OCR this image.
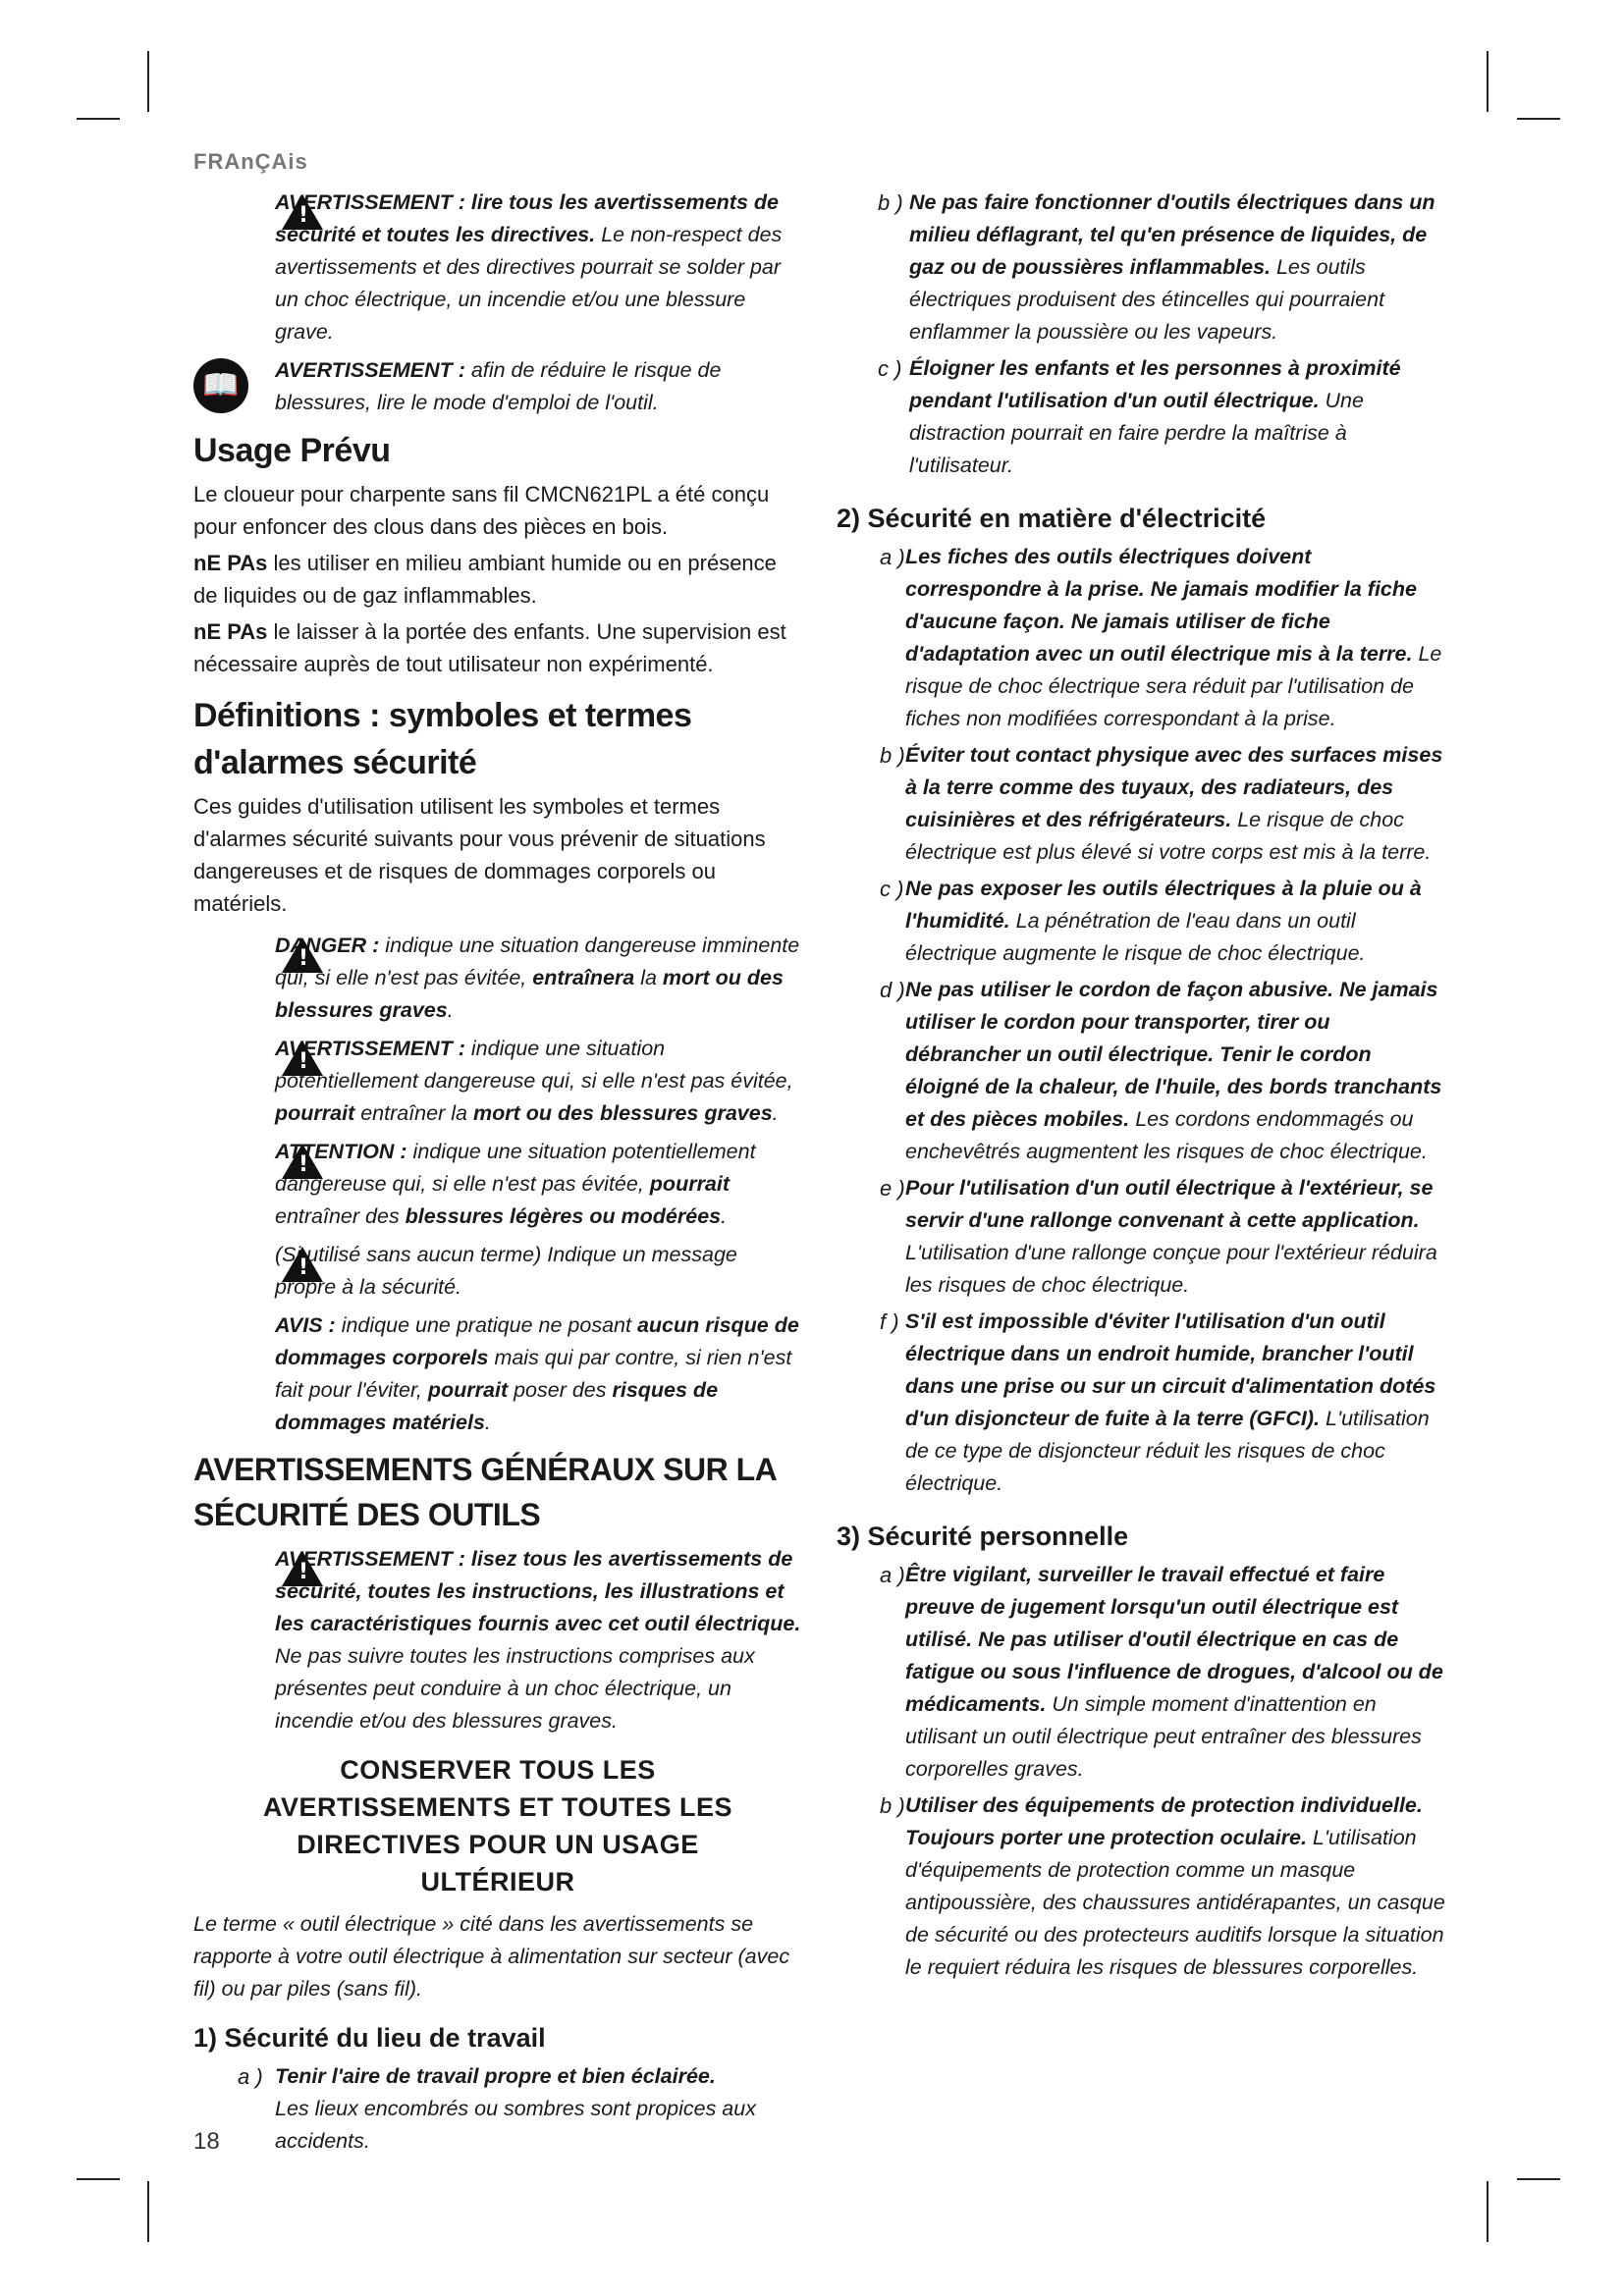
FRAnÇAis
!

AVERTISSEMENT : lire tous les avertissements de sécurité et toutes les directives. Le non-respect des avertissements et des directives pourrait se solder par un choc électrique, un incendie et/ou une blessure grave.

📖	AVERTISSEMENT : afin de réduire le risque de blessures, lire le mode d'emploi de l'outil.

Usage Prévu

Le cloueur pour charpente sans fil CMCN621PL a été conçu pour enfoncer des clous dans des pièces en bois.

nE PAs les utiliser en milieu ambiant humide ou en présence de liquides ou de gaz inflammables.

nE PAs le laisser à la portée des enfants. Une supervision est nécessaire auprès de tout utilisateur non expérimenté.

Définitions : symboles et termes d'alarmes sécurité

Ces guides d'utilisation utilisent les symboles et termes d'alarmes sécurité suivants pour vous prévenir de situations dangereuses et de risques de dommages corporels ou matériels.

!

DANGER : indique une situation dangereuse imminente qui, si elle n'est pas évitée, entraînera la mort ou des blessures graves.

!

AVERTISSEMENT : indique une situation potentiellement dangereuse qui, si elle n'est pas évitée, pourrait entraîner la mort ou des blessures graves.

!

ATTENTION : indique une situation potentiellement dangereuse qui, si elle n'est pas évitée, pourrait entraîner des blessures légères ou modérées.

!

(Si utilisé sans aucun terme) Indique un message propre à la sécurité.

AVIS : indique une pratique ne posant aucun risque de dommages corporels mais qui par contre, si rien n'est fait pour l'éviter, pourrait poser des risques de dommages matériels.

AVERTISSEMENTS GÉNÉRAUX SUR LA SÉCURITÉ DES OUTILS
!

AVERTISSEMENT : lisez tous les avertissements de sécurité, toutes les instructions, les illustrations et les caractéristiques fournis avec cet outil électrique. Ne pas suivre toutes les instructions comprises aux présentes peut conduire à un choc électrique, un incendie et/ou des blessures graves.

CONSERVER TOUS LES AVERTISSEMENTS ET TOUTES LES DIRECTIVES POUR UN USAGE ULTÉRIEUR

Le terme « outil électrique » cité dans les avertissements se rapporte à votre outil électrique à alimentation sur secteur (avec fil) ou par piles (sans fil).

1) Sécurité du lieu de travail
a ) Tenir l'aire de travail propre et bien éclairée.

Les lieux encombrés ou sombres sont propices aux accidents.

b ) Ne pas faire fonctionner d'outils électriques dans un milieu déflagrant, tel qu'en présence de liquides, de gaz ou de poussières inflammables. Les outils électriques produisent des étincelles qui pourraient enflammer la poussière ou les vapeurs.

c ) Éloigner les enfants et les personnes à proximité pendant l'utilisation d'un outil électrique. Une distraction pourrait en faire perdre la maîtrise à l'utilisateur.

2) Sécurité en matière d'électricité
a ) Les fiches des outils électriques doivent correspondre à la prise. Ne jamais modifier la fiche d'aucune façon. Ne jamais utiliser de fiche d'adaptation avec un outil électrique mis à la terre. Le risque de choc électrique sera réduit par l'utilisation de fiches non modifiées correspondant à la prise.

b ) Éviter tout contact physique avec des surfaces mises à la terre comme des tuyaux, des radiateurs, des cuisinières et des réfrigérateurs. Le risque de choc électrique est plus élevé si votre corps est mis à la terre.

c ) Ne pas exposer les outils électriques à la pluie ou à l'humidité. La pénétration de l'eau dans un outil électrique augmente le risque de choc électrique.

d ) Ne pas utiliser le cordon de façon abusive. Ne jamais utiliser le cordon pour transporter, tirer ou débrancher un outil électrique. Tenir le cordon éloigné de la chaleur, de l'huile, des bords tranchants et des pièces mobiles. Les cordons endommagés ou enchevêtrés augmentent les risques de choc électrique.

e ) Pour l'utilisation d'un outil électrique à l'extérieur, se servir d'une rallonge convenant à cette application. L'utilisation d'une rallonge conçue pour l'extérieur réduira les risques de choc électrique.

f ) S'il est impossible d'éviter l'utilisation d'un outil électrique dans un endroit humide, brancher l'outil dans une prise ou sur un circuit d'alimentation dotés d'un disjoncteur de fuite à la terre (GFCI). L'utilisation de ce type de disjoncteur réduit les risques de choc électrique.

3) Sécurité personnelle
a ) Être vigilant, surveiller le travail effectué et faire preuve de jugement lorsqu'un outil électrique est utilisé. Ne pas utiliser d'outil électrique en cas de fatigue ou sous l'influence de drogues, d'alcool ou de médicaments. Un simple moment d'inattention en utilisant un outil électrique peut entraîner des blessures corporelles graves.

b ) Utiliser des équipements de protection individuelle. Toujours porter une protection oculaire. L'utilisation d'équipements de protection comme un masque antipoussière, des chaussures antidérapantes, un casque de sécurité ou des protecteurs auditifs lorsque la situation le requiert réduira les risques de blessures corporelles.

18
